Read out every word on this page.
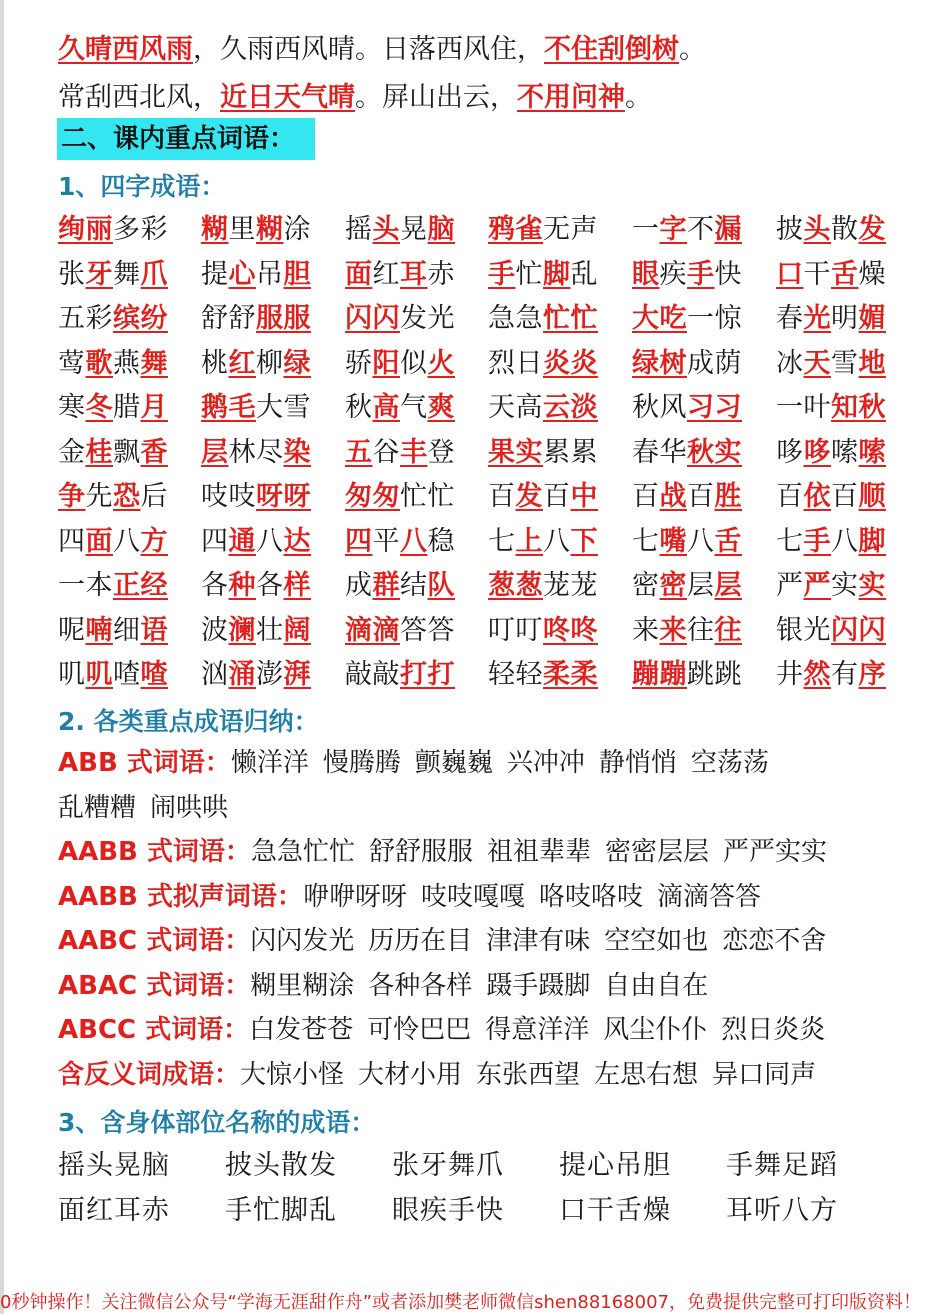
久晴西风雨，久雨西风晴。日落西风住，不住刮倒树。
常刮西北风，近日天气晴。屏山出云，不用问神。
二、课内重点词语：
1、四字成语：
绚丽多彩 糊里糊涂 摇头晃脑 鸦雀无声 一字不漏 披头散发
张牙舞爪 提心吊胆 面红耳赤 手忙脚乱 眼疾手快 口干舌燥
五彩缤纷 舒舒服服 闪闪发光 急急忙忙 大吃一惊 春光明媚
莺歌燕舞 桃红柳绿 骄阳似火 烈日炎炎 绿树成荫 冰天雪地
寒冬腊月 鹅毛大雪 秋高气爽 天高云淡 秋风习习 一叶知秋
金桂飘香 层林尽染 五谷丰登 果实累累 春华秋实 哆哆嗦嗦
争先恐后 吱吱呀呀 匆匆忙忙 百发百中 百战百胜 百依百顺
四面八方 四通八达 四平八稳 七上八下 七嘴八舌 七手八脚
一本正经 各种各样 成群结队 葱葱茏茏 密密层层 严严实实
呢喃细语 波澜壮阔 滴滴答答 叮叮咚咚 来来往往 银光闪闪
叽叽喳喳 汹涌澎湃 敲敲打打 轻轻柔柔 蹦蹦跳跳 井然有序
2. 各类重点成语归纳：
ABB 式词语：懒洋洋 慢腾腾 颤巍巍 兴冲冲 静悄悄 空荡荡
乱糟糟 闹哄哄
AABB 式词语：急急忙忙 舒舒服服 祖祖辈辈 密密层层 严严实实
AABB 式拟声词语：咿咿呀呀 吱吱嘎嘎 咯吱咯吱 滴滴答答
AABC 式词语：闪闪发光 历历在目 津津有味 空空如也 恋恋不舍
ABAC 式词语：糊里糊涂 各种各样 蹑手蹑脚 自由自在
ABCC 式词语：白发苍苍 可怜巴巴 得意洋洋 风尘仆仆 烈日炎炎
含反义词成语：大惊小怪 大材小用 东张西望 左思右想 异口同声
3、含身体部位名称的成语：
摇头晃脑 披头散发 张牙舞爪 提心吊胆 手舞足蹈
面红耳赤 手忙脚乱 眼疾手快 口干舌燥 耳听八方
0秒钟操作！关注微信公众号“学海无涯甜作舟”或者添加樊老师微信shen88168007，免费提供完整可打印版资料！
